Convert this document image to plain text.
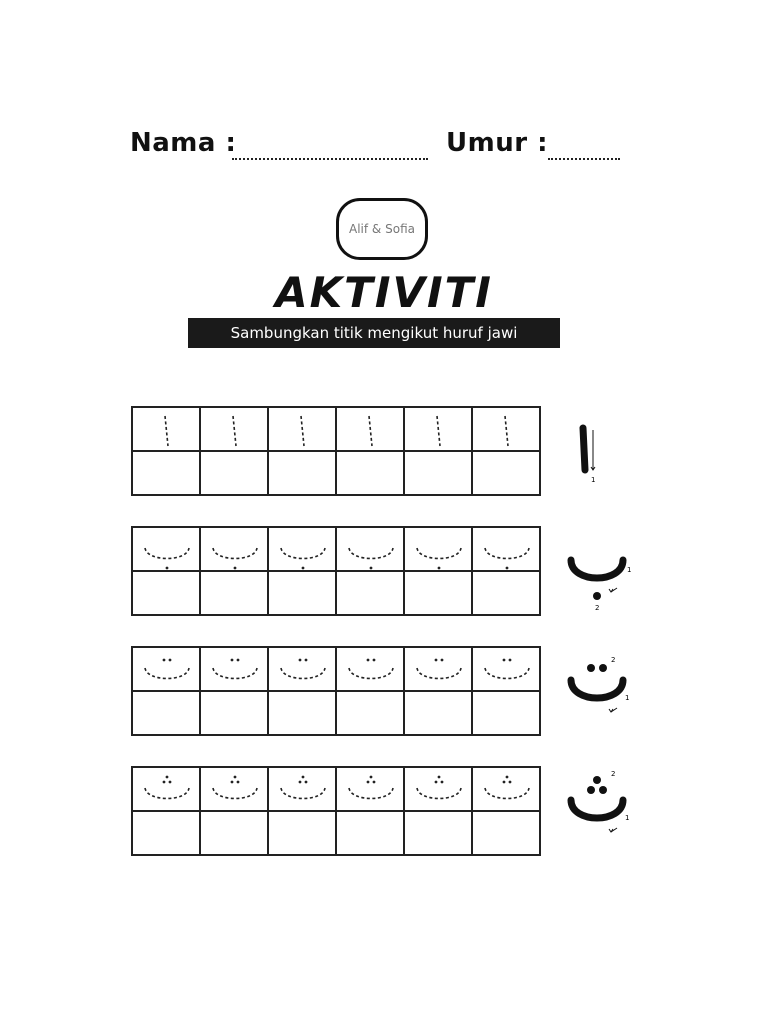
Nama :	Umur :
Alif & Sofia
AKTIVITI
Sambungkan titik mengikut huruf jawi
1
1
2
2
1
2
1
